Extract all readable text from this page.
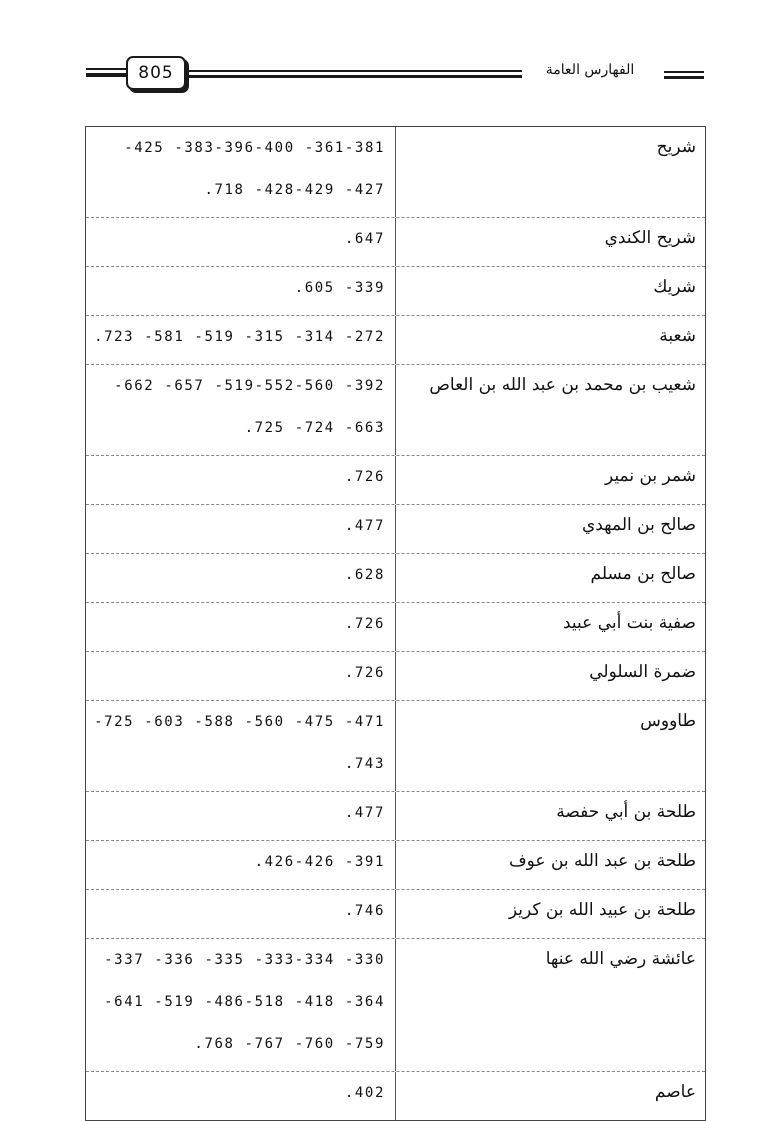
805	الفهارس العامة
شريح
361-381- 383-396-400- 425-
427- 428-429- 718.
شريح الكندي
647.
شريك
339- 605.
شعبة
272- 314- 315- 519- 581- 723.
شعيب بن محمد بن عبد الله بن العاص
392- 519-552-560- 657- 662-
663- 724- 725.
شمر بن نمير
726.
صالح بن المهدي
477.
صالح بن مسلم
628.
صفية بنت أبي عبيد
726.
ضمرة السلولي
726.
طاووس
471- 475- 560- 588- 603- 725-
743.
طلحة بن أبي حفصة
477.
طلحة بن عبد الله بن عوف
391- 426-426.
طلحة بن عبيد الله بن كريز
746.
عائشة رضي الله عنها
330- 333-334- 335- 336- 337-
364- 418- 486-518- 519- 641-
759- 760- 767- 768.
عاصم
402.
